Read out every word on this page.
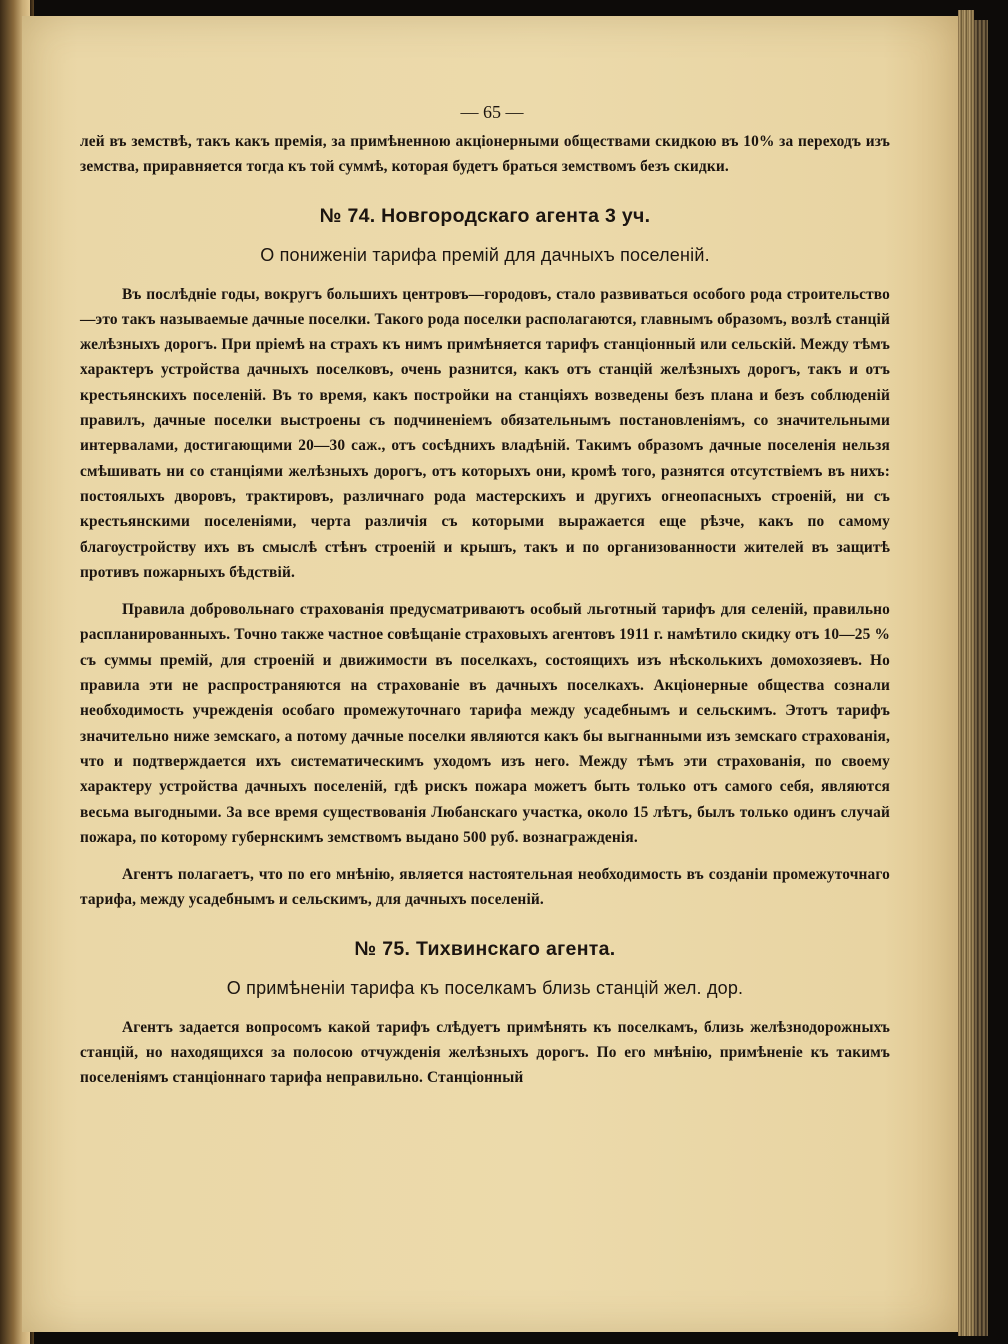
— 65 —
лей въ земствѣ, такъ какъ премія, за примѣненною акціонерными обществами скидкою въ 10% за переходъ изъ земства, приравняется тогда къ той суммѣ, которая будетъ браться земствомъ безъ скидки.
№ 74. Новгородскаго агента 3 уч.
О пониженіи тарифа премій для дачныхъ поселеній.
Въ послѣдніе годы, вокругъ большихъ центровъ—городовъ, стало развиваться особого рода строительство—это такъ называемые дачные поселки. Такого рода поселки располагаются, главнымъ образомъ, возлѣ станцій желѣзныхъ дорогъ. При пріемѣ на страхъ къ нимъ примѣняется тарифъ станціонный или сельскій. Между тѣмъ характеръ устройства дачныхъ поселковъ, очень разнится, какъ отъ станцій желѣзныхъ дорогъ, такъ и отъ крестьянскихъ поселеній. Въ то время, какъ постройки на станціяхъ возведены безъ плана и безъ соблюденій правилъ, дачные поселки выстроены съ подчиненіемъ обязательнымъ постановленіямъ, со значительными интервалами, достигающими 20—30 саж., отъ сосѣднихъ владѣній. Такимъ образомъ дачные поселенія нельзя смѣшивать ни со станціями желѣзныхъ дорогъ, отъ которыхъ они, кромѣ того, разнятся отсутствіемъ въ нихъ: постоялыхъ дворовъ, трактировъ, различнаго рода мастерскихъ и другихъ огнеопасныхъ строеній, ни съ крестьянскими поселеніями, черта различія съ которыми выражается еще рѣзче, какъ по самому благоустройству ихъ въ смыслѣ стѣнъ строеній и крышъ, такъ и по организованности жителей въ защитѣ противъ пожарныхъ бѣдствій.
Правила добровольнаго страхованія предусматриваютъ особый льготный тарифъ для селеній, правильно распланированныхъ. Точно также частное совѣщаніе страховыхъ агентовъ 1911 г. намѣтило скидку отъ 10—25 % съ суммы премій, для строеній и движимости въ поселкахъ, состоящихъ изъ нѣсколькихъ домохозяевъ. Но правила эти не распространяются на страхованіе въ дачныхъ поселкахъ. Акціонерные общества сознали необходимость учрежденія особаго промежуточнаго тарифа между усадебнымъ и сельскимъ. Этотъ тарифъ значительно ниже земскаго, а потому дачные поселки являются какъ бы выгнанными изъ земскаго страхованія, что и подтверждается ихъ систематическимъ уходомъ изъ него. Между тѣмъ эти страхованія, по своему характеру устройства дачныхъ поселеній, гдѣ рискъ пожара можетъ быть только отъ самого себя, являются весьма выгодными. За все время существованія Любанскаго участка, около 15 лѣтъ, былъ только одинъ случай пожара, по которому губернскимъ земствомъ выдано 500 руб. вознагражденія.
Агентъ полагаетъ, что по его мнѣнію, является настоятельная необходимость въ созданіи промежуточнаго тарифа, между усадебнымъ и сельскимъ, для дачныхъ поселеній.
№ 75. Тихвинскаго агента.
О примѣненіи тарифа къ поселкамъ близь станцій жел. дор.
Агентъ задается вопросомъ какой тарифъ слѣдуетъ примѣнять къ поселкамъ, близь желѣзнодорожныхъ станцій, но находящихся за полосою отчужденія желѣзныхъ дорогъ. По его мнѣнію, примѣненіе къ такимъ поселеніямъ станціоннаго тарифа неправильно. Станціонный
